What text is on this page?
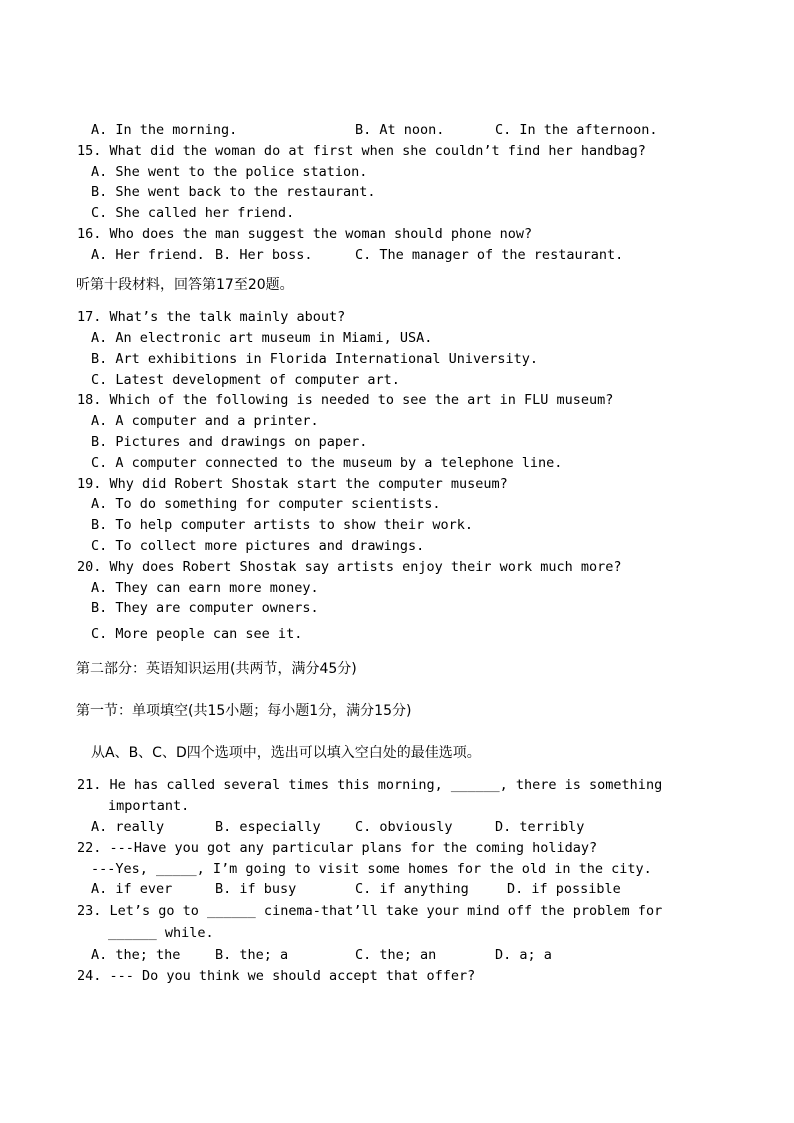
A. In the morning.	B. At noon.	C. In the afternoon.
15. What did the woman do at first when she couldn’t find her handbag?
A. She went to the police station.
B. She went back to the restaurant.
C. She called her friend.
16. Who does the man suggest the woman should phone now?
A. Her friend. B. Her boss.	C. The manager of the restaurant.
听第十段材料，回答第17至20题。
17. What’s the talk mainly about?
A. An electronic art museum in Miami, USA.
B. Art exhibitions in Florida International University.
C. Latest development of computer art.
18. Which of the following is needed to see the art in FLU museum?
A. A computer and a printer.
B. Pictures and drawings on paper.
C. A computer connected to the museum by a telephone line.
19. Why did Robert Shostak start the computer museum?
A. To do something for computer scientists.
B. To help computer artists to show their work.
C. To collect more pictures and drawings.
20. Why does Robert Shostak say artists enjoy their work much more?
A. They can earn more money.
B. They are computer owners.
C. More people can see it.
第二部分：英语知识运用(共两节，满分45分)
第一节：单项填空(共15小题；每小题1分，满分15分)
从A、B、C、D四个选项中，选出可以填入空白处的最佳选项。
21. He has called several times this morning, ______, there is something
important.
A. really	B. especially	C. obviously	D. terribly
22. ---Have you got any particular plans for the coming holiday?
---Yes, _____, I’m going to visit some homes for the old in the city.
A. if ever	B. if busy	C. if anything	D. if possible
23. Let’s go to ______ cinema-that’ll take your mind off the problem for
______ while.
A. the; the	B. the; a	C. the; an	D. a; a
24. --- Do you think we should accept that offer?
